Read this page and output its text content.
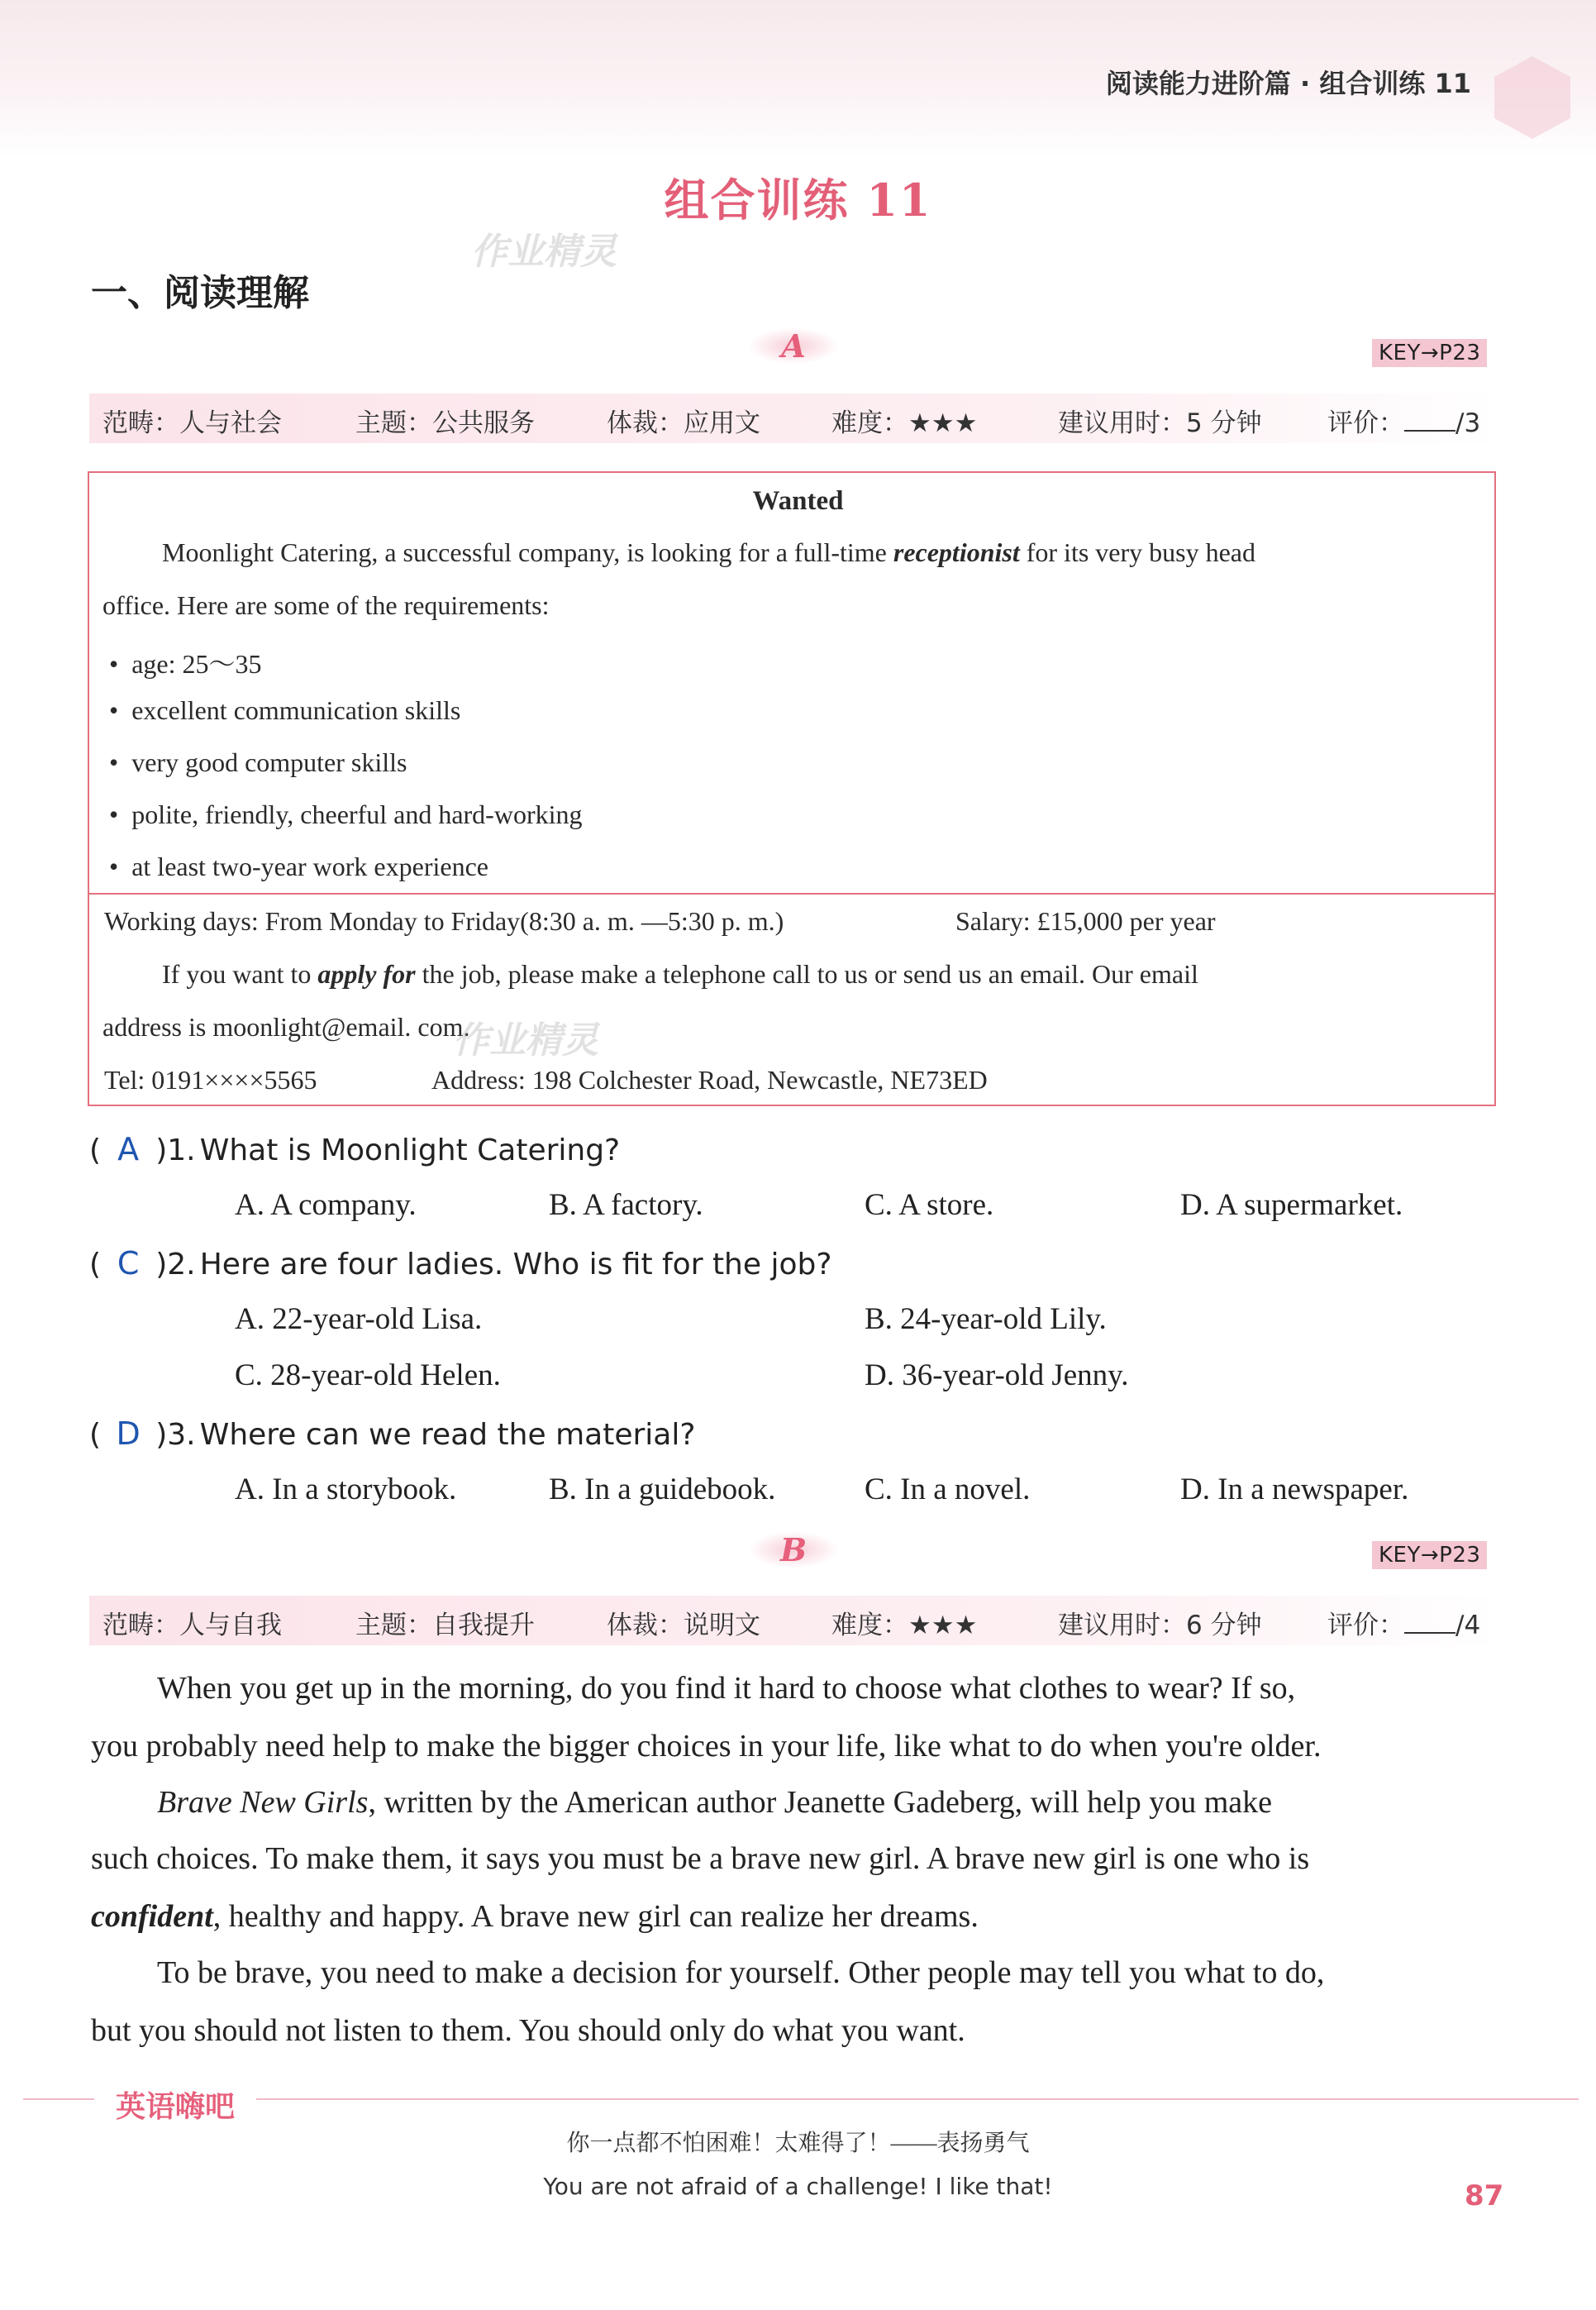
阅读能力进阶篇 · 组合训练 11
组合训练 11
一、阅读理解
作业精灵
A	KEY→P23
范畴：人与社会	主题：公共服务	体裁：应用文	难度：★★★	建议用时：5 分钟	评价： /3
Wanted
Moonlight Catering, a successful company, is looking for a full-time receptionist for its very busy head
office. Here are some of the requirements:
• age: 25～35
• excellent communication skills
• very good computer skills
• polite, friendly, cheerful and hard-working
• at least two-year work experience
Working days: From Monday to Friday(8:30 a. m. —5:30 p. m.)	Salary: £15,000 per year
If you want to apply for the job, please make a telephone call to us or send us an email. Our email
address is moonlight@email. com.
作业精灵
Tel: 0191××××5565	Address: 198 Colchester Road, Newcastle, NE73ED
( A )1. What is Moonlight Catering?
A. A company.	B. A factory.	C. A store.	D. A supermarket.
( C )2. Here are four ladies. Who is fit for the job?
A. 22-year-old Lisa.	B. 24-year-old Lily.
C. 28-year-old Helen.	D. 36-year-old Jenny.
( D )3. Where can we read the material?
A. In a storybook.	B. In a guidebook.	C. In a novel.	D. In a newspaper.
B	KEY→P23
范畴：人与自我	主题：自我提升	体裁：说明文	难度：★★★	建议用时：6 分钟	评价： /4
When you get up in the morning, do you find it hard to choose what clothes to wear? If so,
you probably need help to make the bigger choices in your life, like what to do when you're older.
Brave New Girls, written by the American author Jeanette Gadeberg, will help you make
such choices. To make them, it says you must be a brave new girl. A brave new girl is one who is
confident, healthy and happy. A brave new girl can realize her dreams.
To be brave, you need to make a decision for yourself. Other people may tell you what to do,
but you should not listen to them. You should only do what you want.
英语嗨吧
你一点都不怕困难！太难得了！——表扬勇气
You are not afraid of a challenge! I like that!	87
